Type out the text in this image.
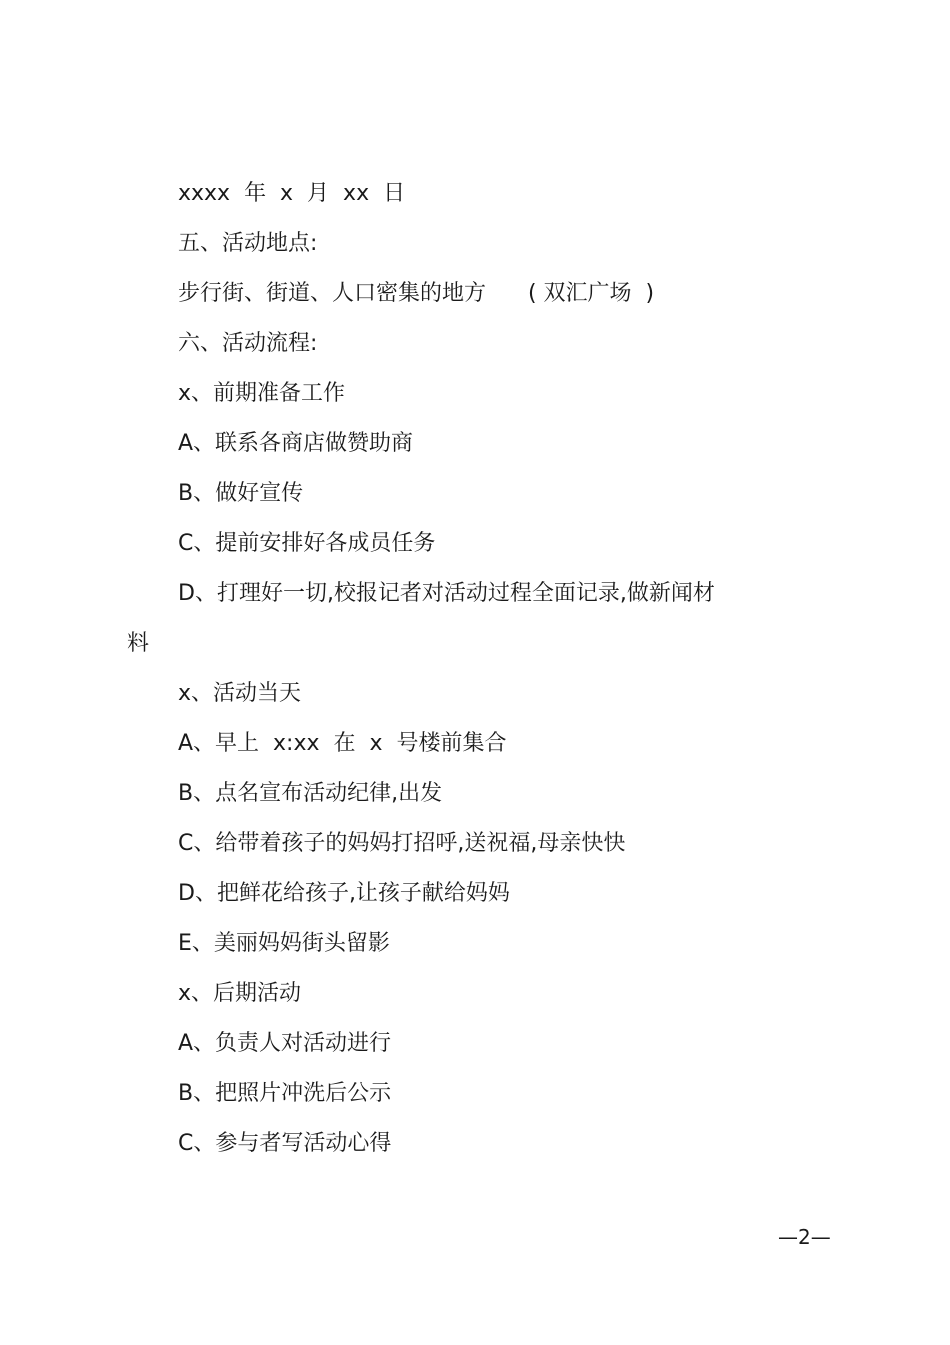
xxxx  年  x  月  xx  日
五、活动地点:
步行街、街道、人口密集的地方      ( 双汇广场  )
六、活动流程:
x、前期准备工作
A、联系各商店做赞助商
B、做好宣传
C、提前安排好各成员任务
D、打理好一切,校报记者对活动过程全面记录,做新闻材
料
x、活动当天
A、早上  x:xx  在  x  号楼前集合
B、点名宣布活动纪律,出发
C、给带着孩子的妈妈打招呼,送祝福,母亲快快
D、把鲜花给孩子,让孩子献给妈妈
E、美丽妈妈街头留影
x、后期活动
A、负责人对活动进行
B、把照片冲洗后公示
C、参与者写活动心得
—2—
